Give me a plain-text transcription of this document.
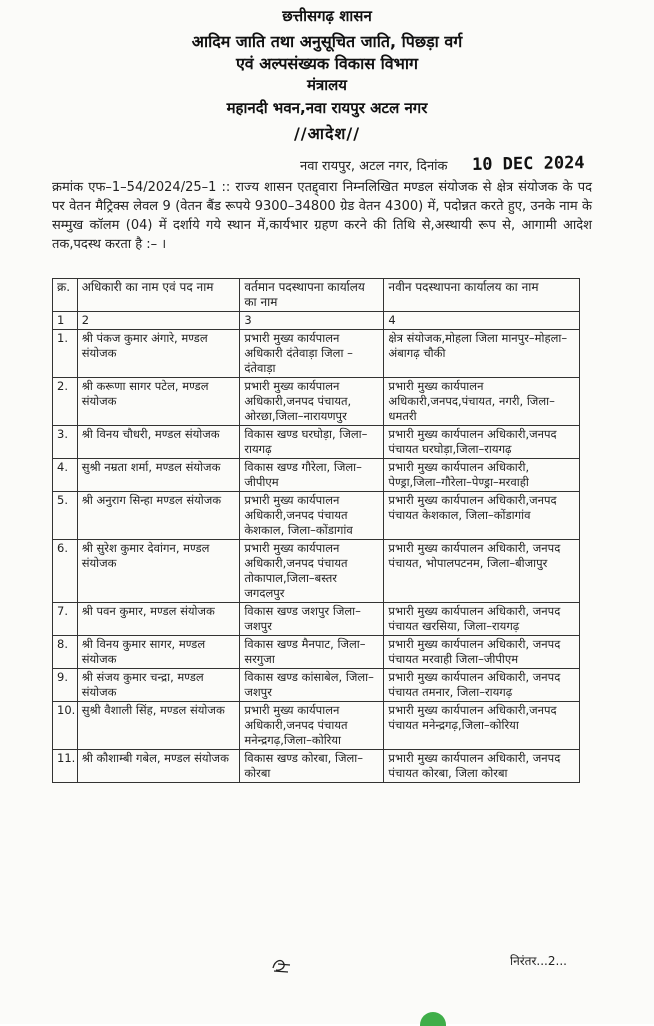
छत्तीसगढ़ शासन
आदिम जाति तथा अनुसूचित जाति, पिछड़ा वर्ग
एवं अल्पसंख्यक विकास विभाग
मंत्रालय
महानदी भवन,नवा रायपुर अटल नगर
//आदेश//
नवा रायपुर, अटल नगर, दिनांक 10 DEC 2024
क्रमांक एफ–1–54/2024/25–1 :: राज्य शासन एतद्द्वारा निम्नलिखित मण्डल संयोजक से क्षेत्र संयोजक के पद पर वेतन मैट्रिक्स लेवल 9 (वेतन बैंड रूपये 9300–34800 ग्रेड वेतन 4300) में, पदोन्नत करते हुए, उनके नाम के सम्मुख कॉलम (04) में दर्शाये गये स्थान में,कार्यभार ग्रहण करने की तिथि से,अस्थायी रूप से, आगामी आदेश तक,पदस्थ करता है :– ।
क्र.	अधिकारी का नाम एवं पद नाम	वर्तमान पदस्थापना कार्यालय का नाम	नवीन पदस्थापना कार्यालय का नाम
1	2	3	4
1.	श्री पंकज कुमार अंगारे, मण्डल संयोजक	प्रभारी मुख्य कार्यपालन अधिकारी दंतेवाड़ा जिला – दंतेवाड़ा	क्षेत्र संयोजक,मोहला जिला मानपुर–मोहला–अंबागढ़ चौकी
2.	श्री करूणा सागर पटेल, मण्डल संयोजक	प्रभारी मुख्य कार्यपालन अधिकारी,जनपद पंचायत, ओरछा,जिला–नारायणपुर	प्रभारी मुख्य कार्यपालन अधिकारी,जनपद,पंचायत, नगरी, जिला–धमतरी
3.	श्री विनय चौधरी, मण्डल संयोजक	विकास खण्ड घरघोड़ा, जिला–रायगढ़	प्रभारी मुख्य कार्यपालन अधिकारी,जनपद पंचायत घरघोड़ा,जिला–रायगढ़
4.	सुश्री नम्रता शर्मा, मण्डल संयोजक	विकास खण्ड गौरेला, जिला–जीपीएम	प्रभारी मुख्य कार्यपालन अधिकारी, पेण्ड्रा,जिला–गौरेला–पेण्ड्रा–मरवाही
5.	श्री अनुराग सिन्हा मण्डल संयोजक	प्रभारी मुख्य कार्यपालन अधिकारी,जनपद पंचायत केशकाल, जिला–कोंडागांव	प्रभारी मुख्य कार्यपालन अधिकारी,जनपद पंचायत केशकाल, जिला–कोंडागांव
6.	श्री सुरेश कुमार देवांगन, मण्डल संयोजक	प्रभारी मुख्य कार्यपालन अधिकारी,जनपद पंचायत तोकापाल,जिला–बस्तर जगदलपुर	प्रभारी मुख्य कार्यपालन अधिकारी, जनपद पंचायत, भोपालपटनम, जिला–बीजापुर
7.	श्री पवन कुमार, मण्डल संयोजक	विकास खण्ड जशपुर जिला–जशपुर	प्रभारी मुख्य कार्यपालन अधिकारी, जनपद पंचायत खरसिया, जिला–रायगढ़
8.	श्री विनय कुमार सागर, मण्डल संयोजक	विकास खण्ड मैनपाट, जिला– सरगुजा	प्रभारी मुख्य कार्यपालन अधिकारी, जनपद पंचायत मरवाही जिला–जीपीएम
9.	श्री संजय कुमार चन्द्रा, मण्डल संयोजक	विकास खण्ड कांसाबेल, जिला– जशपुर	प्रभारी मुख्य कार्यपालन अधिकारी, जनपद पंचायत तमनार, जिला–रायगढ़
10.	सुश्री वैशाली सिंह, मण्डल संयोजक	प्रभारी मुख्य कार्यपालन अधिकारी,जनपद पंचायत मनेन्द्रगढ़,जिला–कोरिया	प्रभारी मुख्य कार्यपालन अधिकारी,जनपद पंचायत मनेन्द्रगढ़,जिला–कोरिया
11.	श्री कौशाम्बी गबेल, मण्डल संयोजक	विकास खण्ड कोरबा, जिला–कोरबा	प्रभारी मुख्य कार्यपालन अधिकारी, जनपद पंचायत कोरबा, जिला कोरबा
निरंतर...2...
